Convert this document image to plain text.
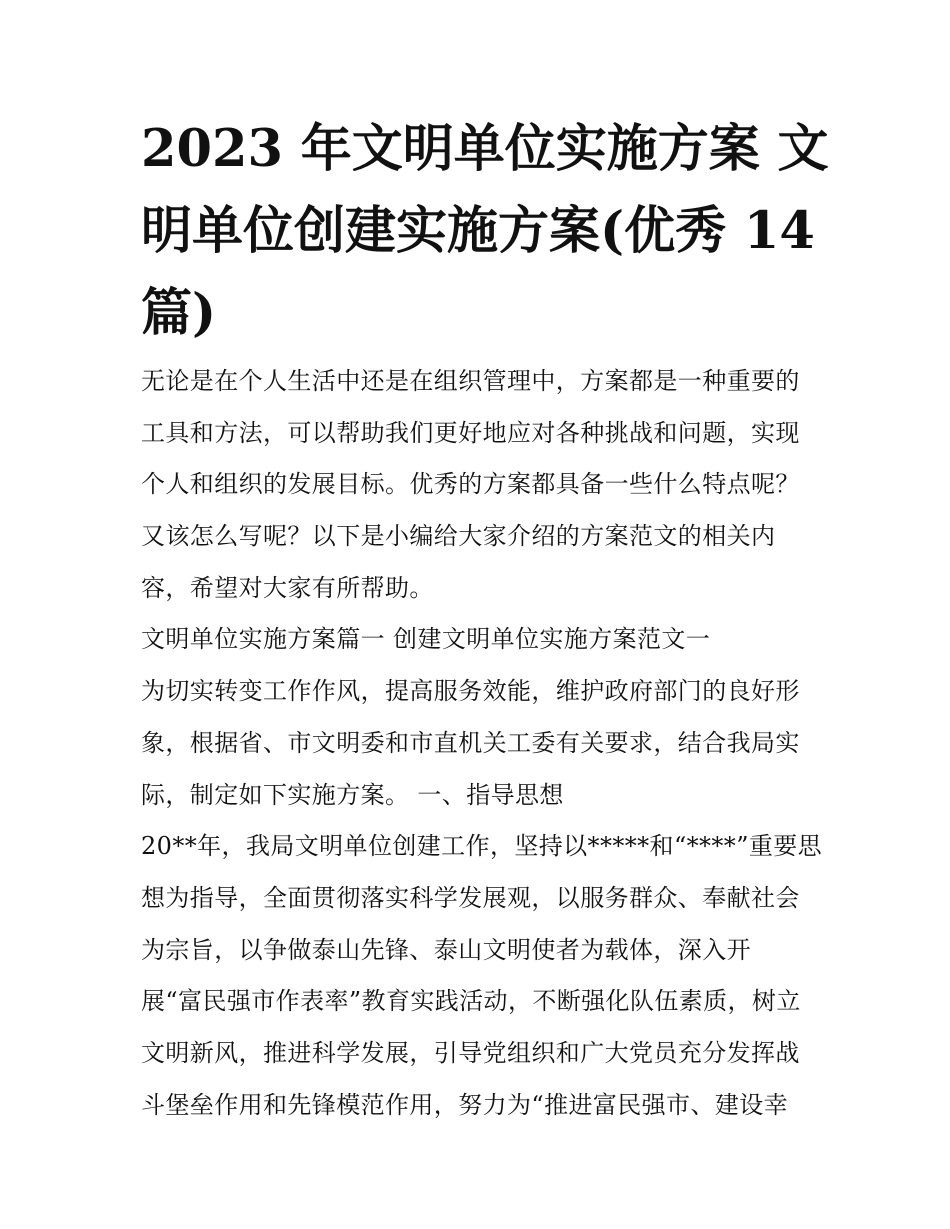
2023 年文明单位实施方案 文
明单位创建实施方案(优秀 14
篇)
无论是在个人生活中还是在组织管理中，方案都是一种重要的
工具和方法，可以帮助我们更好地应对各种挑战和问题，实现
个人和组织的发展目标。优秀的方案都具备一些什么特点呢？
又该怎么写呢？以下是小编给大家介绍的方案范文的相关内
容，希望对大家有所帮助。
文明单位实施方案篇一 创建文明单位实施方案范文一
为切实转变工作作风，提高服务效能，维护政府部门的良好形
象，根据省、市文明委和市直机关工委有关要求，结合我局实
际，制定如下实施方案。 一、指导思想
20**年，我局文明单位创建工作，坚持以*****和“****”重要思
想为指导，全面贯彻落实科学发展观，以服务群众、奉献社会
为宗旨，以争做泰山先锋、泰山文明使者为载体，深入开
展“富民强市作表率”教育实践活动，不断强化队伍素质，树立
文明新风，推进科学发展，引导党组织和广大党员充分发挥战
斗堡垒作用和先锋模范作用，努力为“推进富民强市、建设幸
